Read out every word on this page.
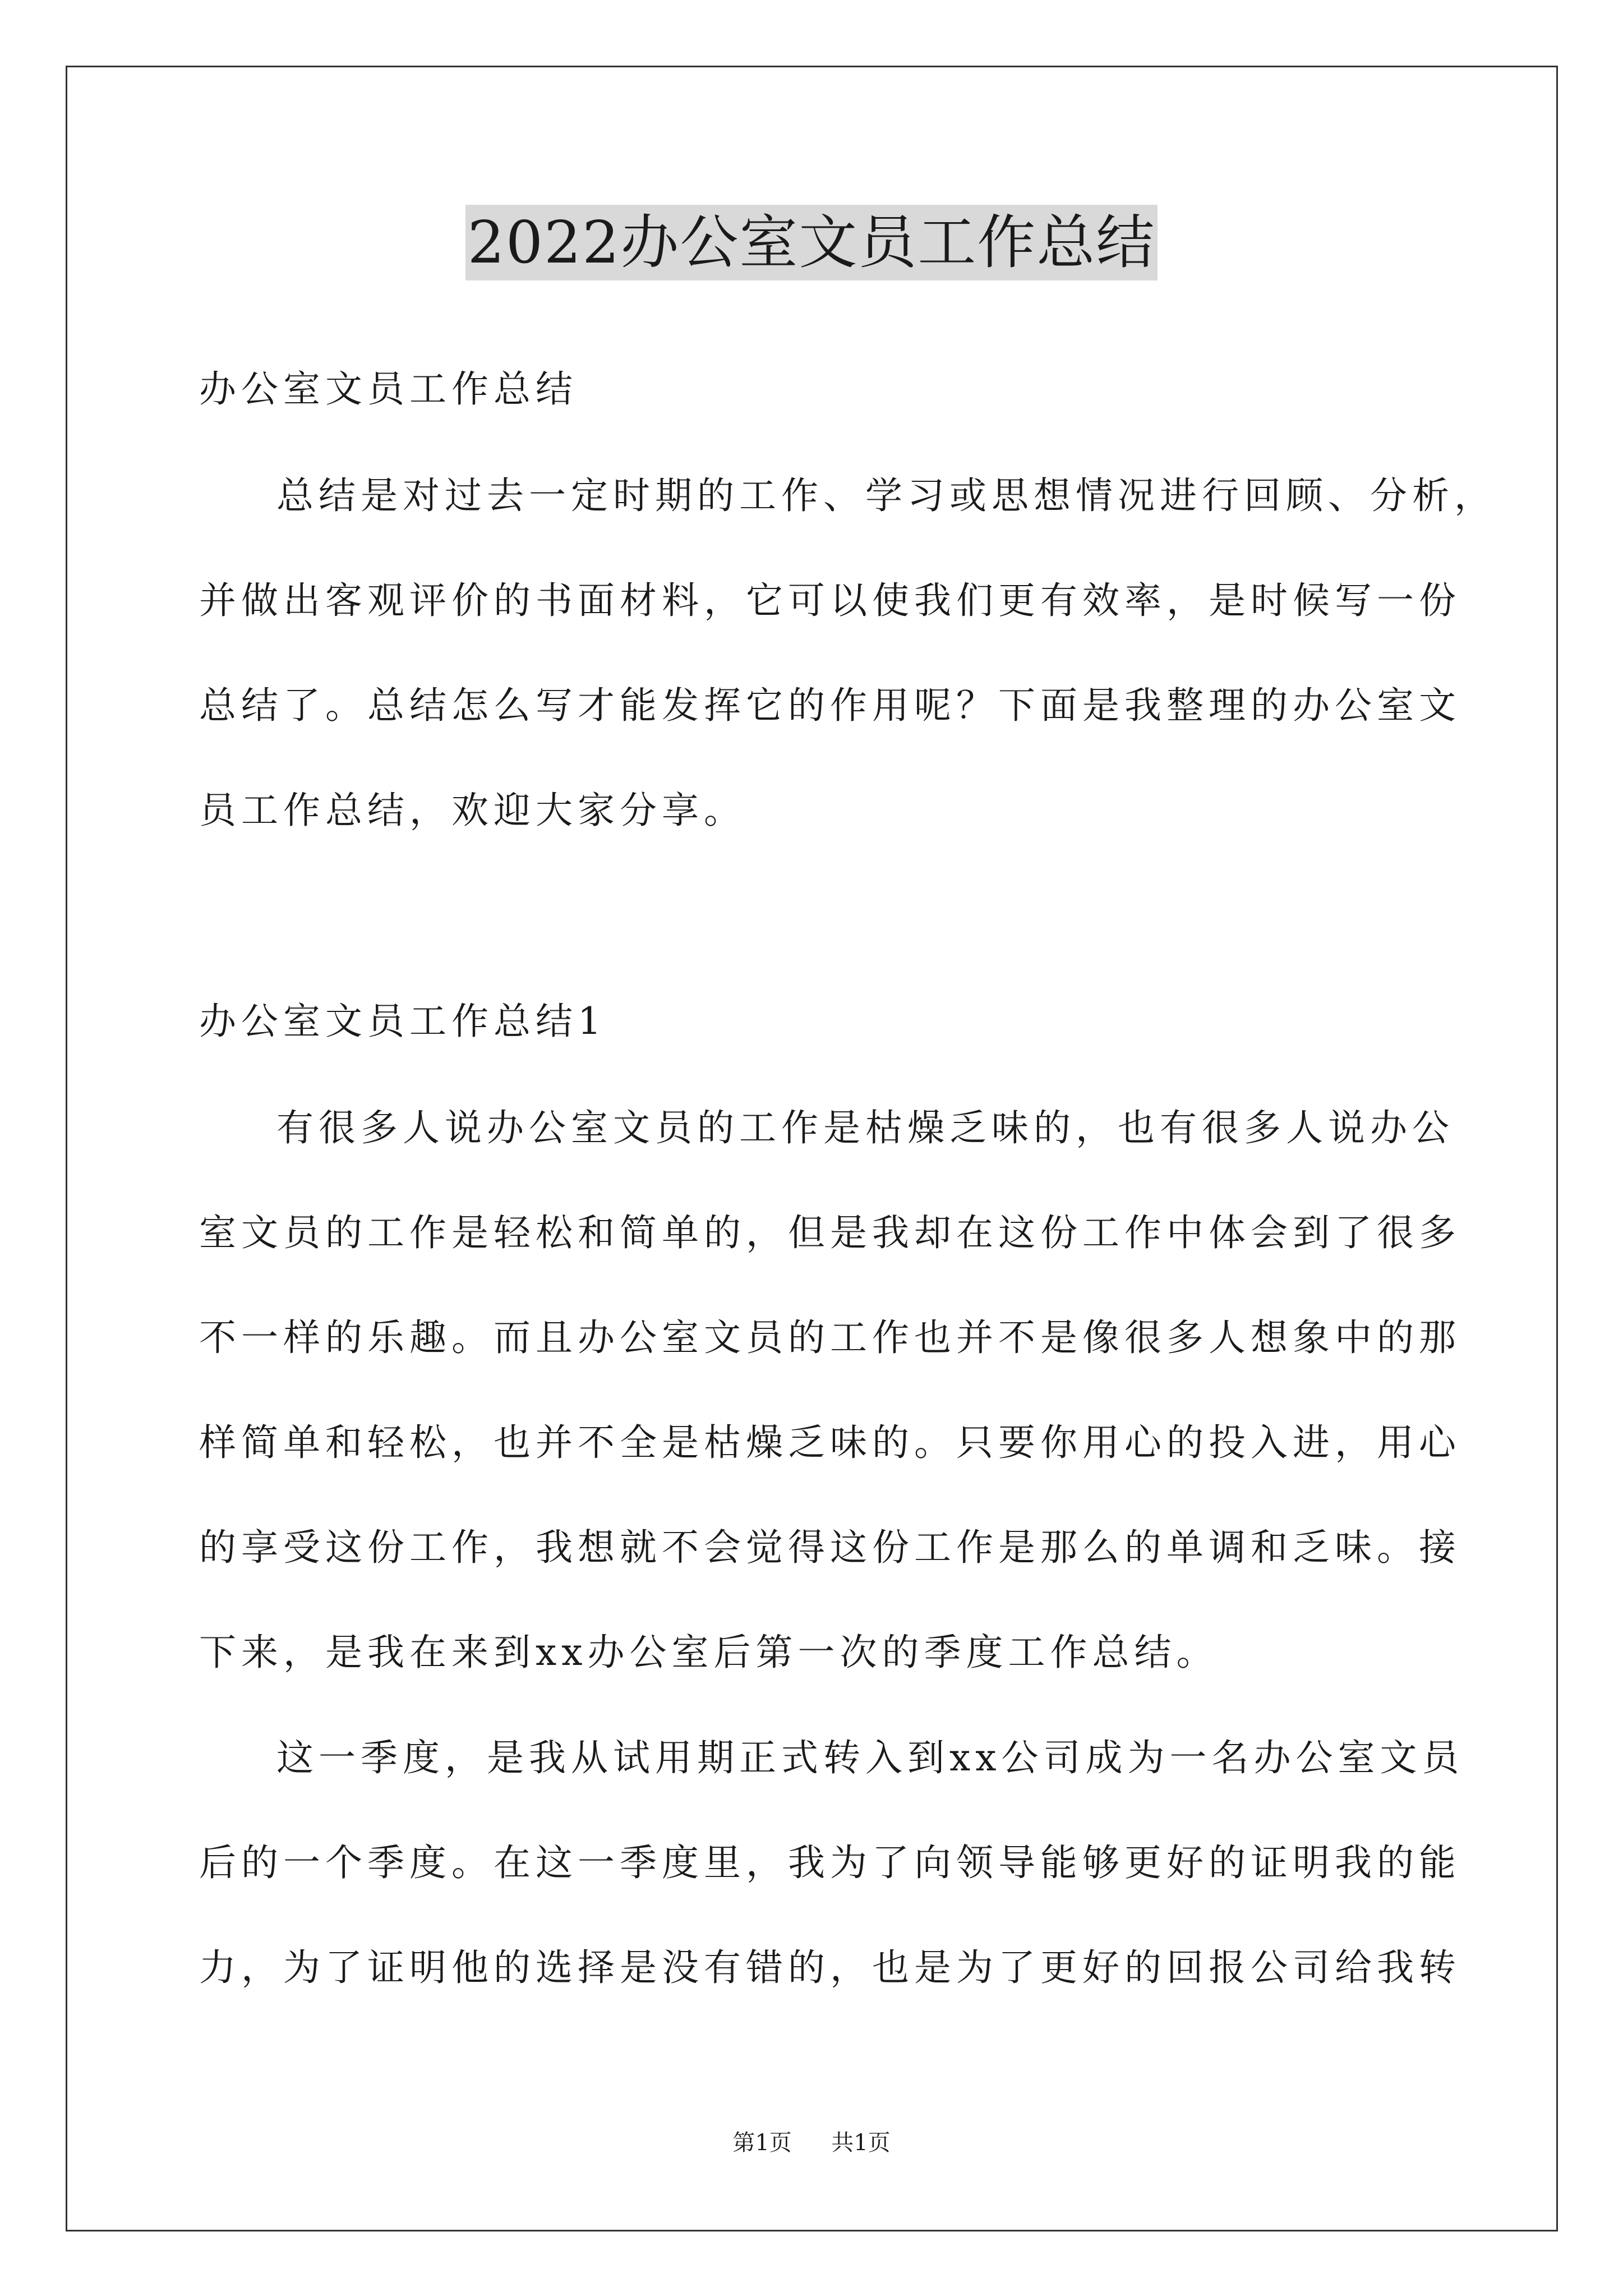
2022办公室文员工作总结
办公室文员工作总结
总结是对过去一定时期的工作、学习或思想情况进行回顾、分析，
并做出客观评价的书面材料，它可以使我们更有效率，是时候写一份
总结了。总结怎么写才能发挥它的作用呢？下面是我整理的办公室文
员工作总结，欢迎大家分享。
办公室文员工作总结1
有很多人说办公室文员的工作是枯燥乏味的，也有很多人说办公
室文员的工作是轻松和简单的，但是我却在这份工作中体会到了很多
不一样的乐趣。而且办公室文员的工作也并不是像很多人想象中的那
样简单和轻松，也并不全是枯燥乏味的。只要你用心的投入进，用心
的享受这份工作，我想就不会觉得这份工作是那么的单调和乏味。接
下来，是我在来到xx办公室后第一次的季度工作总结。
这一季度，是我从试用期正式转入到xx公司成为一名办公室文员
后的一个季度。在这一季度里，我为了向领导能够更好的证明我的能
力，为了证明他的选择是没有错的，也是为了更好的回报公司给我转
第1页 共1页
